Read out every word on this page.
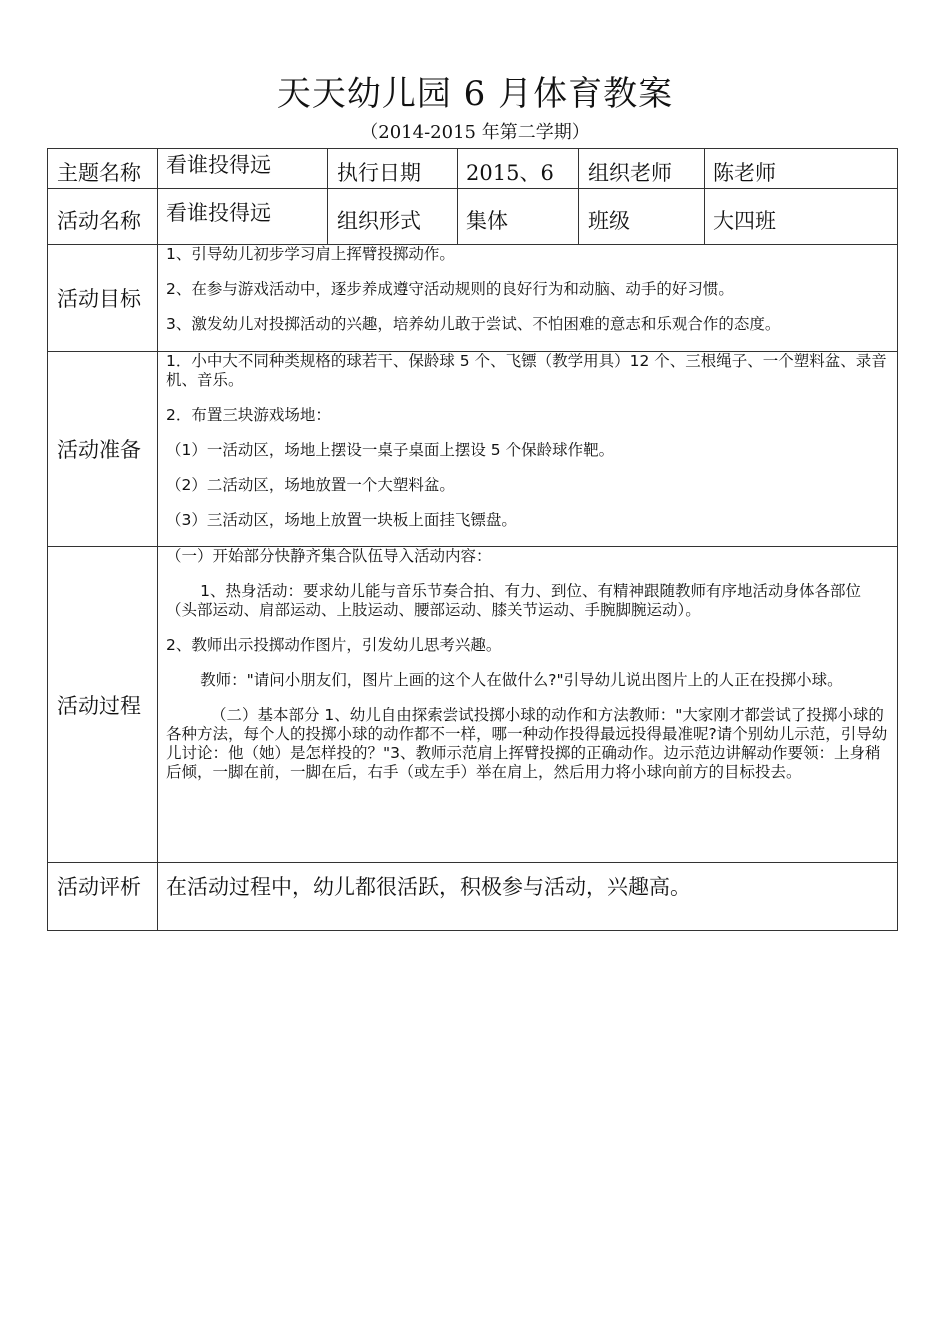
天天幼儿园 6 月体育教案
（2014-2015 年第二学期）
主题名称	看谁投得远	执行日期	2015、6	组织老师	陈老师
活动名称	看谁投得远	组织形式	集体	班级	大四班
活动目标	1、引导幼儿初步学习肩上挥臂投掷动作。

2、在参与游戏活动中，逐步养成遵守活动规则的良好行为和动脑、动手的好习惯。

3、激发幼儿对投掷活动的兴趣，培养幼儿敢于尝试、不怕困难的意志和乐观合作的态度。				

活动准备	1．小中大不同种类规格的球若干、保龄球 5 个、飞镖（教学用具）12 个、三根绳子、一个塑料盆、录音机、音乐。

2．布置三块游戏场地：

（1）一活动区，场地上摆设一桌子桌面上摆设 5 个保龄球作靶。

（2）二活动区，场地放置一个大塑料盆。

（3）三活动区，场地上放置一块板上面挂飞镖盘。				

活动过程	（一）开始部分快静齐集合队伍导入活动内容：

1、热身活动：要求幼儿能与音乐节奏合拍、有力、到位、有精神跟随教师有序地活动身体各部位（头部运动、肩部运动、上肢运动、腰部运动、膝关节运动、手腕脚腕运动）。

2、教师出示投掷动作图片，引发幼儿思考兴趣。

教师："请问小朋友们，图片上画的这个人在做什么?"引导幼儿说出图片上的人正在投掷小球。

（二）基本部分 1、幼儿自由探索尝试投掷小球的动作和方法教师："大家刚才都尝试了投掷小球的各种方法，每个人的投掷小球的动作都不一样，哪一种动作投得最远投得最准呢?请个别幼儿示范，引导幼儿讨论：他（她）是怎样投的？"3、教师示范肩上挥臂投掷的正确动作。边示范边讲解动作要领：上身稍后倾，一脚在前，一脚在后，右手（或左手）举在肩上，然后用力将小球向前方的目标投去。				

活动评析	在活动过程中，幼儿都很活跃，积极参与活动，兴趣高。				
